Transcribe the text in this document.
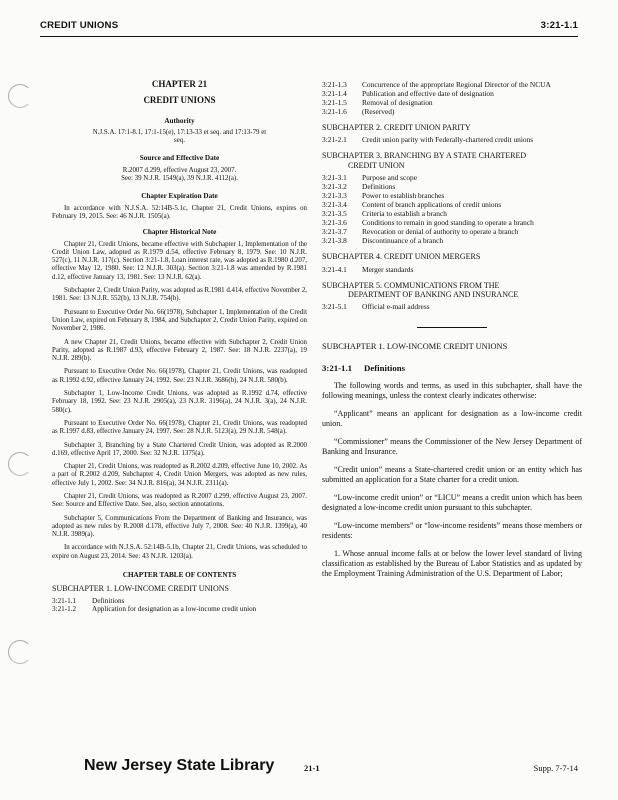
CREDIT UNIONS	3:21-1.1
CHAPTER 21
CREDIT UNIONS
Authority

N.J.S.A. 17:1-8.1, 17:1-15(e), 17:13-33 et seq. and 17:13-79 et seq.

Source and Effective Date

R.2007 d.299, effective August 23, 2007.

See: 39 N.J.R. 1549(a), 39 N.J.R. 4112(a).

Chapter Expiration Date

In accordance with N.J.S.A. 52:14B-5.1c, Chapter 21, Credit Unions, expires on February 19, 2015. See: 46 N.J.R. 1505(a).

Chapter Historical Note

Chapter 21, Credit Unions, became effective with Subchapter 1, Implementation of the Credit Union Law, adopted as R.1979 d.54, effective February 8, 1979. See: 10 N.J.R. 527(c), 11 N.J.R. 117(c). Section 3:21-1.8, Loan interest rate, was adopted as R.1980 d.207, effective May 12, 1980. See: 12 N.J.R. 303(a). Section 3:21-1.8 was amended by R.1981 d.12, effective January 13, 1981. See: 13 N.J.R. 62(a).

Subchapter 2, Credit Union Parity, was adopted as R.1981 d.414, effective November 2, 1981. See: 13 N.J.R. 552(b), 13 N.J.R. 754(b).

Pursuant to Executive Order No. 66(1978), Subchapter 1, Implementation of the Credit Union Law, expired on February 8, 1984, and Subchapter 2, Credit Union Parity, expired on November 2, 1986.

A new Chapter 21, Credit Unions, became effective with Subchapter 2, Credit Union Parity, adopted as R.1987 d.93, effective February 2, 1987. See: 18 N.J.R. 2237(a), 19 N.J.R. 289(b).

Pursuant to Executive Order No. 66(1978), Chapter 21, Credit Unions, was readopted as R.1992 d.92, effective January 24, 1992. See: 23 N.J.R. 3686(b), 24 N.J.R. 580(b).

Subchapter 1, Low-Income Credit Unions, was adopted as R.1992 d.74, effective February 18, 1992. See: 23 N.J.R. 2905(a), 23 N.J.R. 3196(a), 24 N.J.R. 3(a), 24 N.J.R. 580(c).

Pursuant to Executive Order No. 66(1978), Chapter 21, Credit Unions, was readopted as R.1997 d.83, effective January 24, 1997. See: 28 N.J.R. 5123(a), 29 N.J.R. 548(a).

Subchapter 3, Branching by a State Chartered Credit Union, was adopted as R.2000 d.169, effective April 17, 2000. See: 32 N.J.R. 1375(a).

Chapter 21, Credit Unions, was readopted as R.2002 d.209, effective June 10, 2002. As a part of R.2002 d.209, Subchapter 4, Credit Union Mergers, was adopted as new rules, effective July 1, 2002. See: 34 N.J.R. 816(a), 34 N.J.R. 2311(a).

Chapter 21, Credit Unions, was readopted as R.2007 d.299, effective August 23, 2007. See: Source and Effective Date. See, also, section annotations.

Subchapter 5, Communications From the Department of Banking and Insurance, was adopted as new rules by R.2008 d.178, effective July 7, 2008. See: 40 N.J.R. 1399(a), 40 N.J.R. 3989(a).

In accordance with N.J.S.A. 52:14B-5.1b, Chapter 21, Credit Unions, was scheduled to expire on August 23, 2014. See: 43 N.J.R. 1203(a).

CHAPTER TABLE OF CONTENTS
SUBCHAPTER 1. LOW-INCOME CREDIT UNIONS
3:21-1.1	Definitions
3:21-1.2	Application for designation as a low-income credit union
3:21-1.3	Concurrence of the appropriate Regional Director of the NCUA
3:21-1.4	Publication and effective date of designation
3:21-1.5	Removal of designation
3:21-1.6	(Reserved)
SUBCHAPTER 2. CREDIT UNION PARITY
3:21-2.1	Credit union parity with Federally-chartered credit unions
SUBCHAPTER 3. BRANCHING BY A STATE CHARTERED
CREDIT UNION
3:21-3.1	Purpose and scope
3:21-3.2	Definitions
3:21-3.3	Power to establish branches
3:21-3.4	Content of branch applications of credit unions
3:21-3.5	Criteria to establish a branch
3:21-3.6	Conditions to remain in good standing to operate a branch
3:21-3.7	Revocation or denial of authority to operate a branch
3:21-3.8	Discontinuance of a branch
SUBCHAPTER 4. CREDIT UNION MERGERS
3:21-4.1	Merger standards
SUBCHAPTER 5. COMMUNICATIONS FROM THE
DEPARTMENT OF BANKING AND INSURANCE
3:21-5.1	Official e-mail address
SUBCHAPTER 1. LOW-INCOME CREDIT UNIONS
3:21-1.1 Definitions

The following words and terms, as used in this subchapter, shall have the following meanings, unless the context clearly indicates otherwise:

“Applicant” means an applicant for designation as a low-income credit union.

“Commissioner” means the Commissioner of the New Jersey Department of Banking and Insurance.

“Credit union” means a State-chartered credit union or an entity which has submitted an application for a State charter for a credit union.

“Low-income credit union” or “LICU” means a credit union which has been designated a low-income credit union pursuant to this subchapter.

“Low-income members” or “low-income residents” means those members or residents:

1. Whose annual income falls at or below the lower level standard of living classification as established by the Bureau of Labor Statistics and as updated by the Employment Training Administration of the U.S. Department of Labor;

New Jersey State Library	21-1	Supp. 7-7-14
